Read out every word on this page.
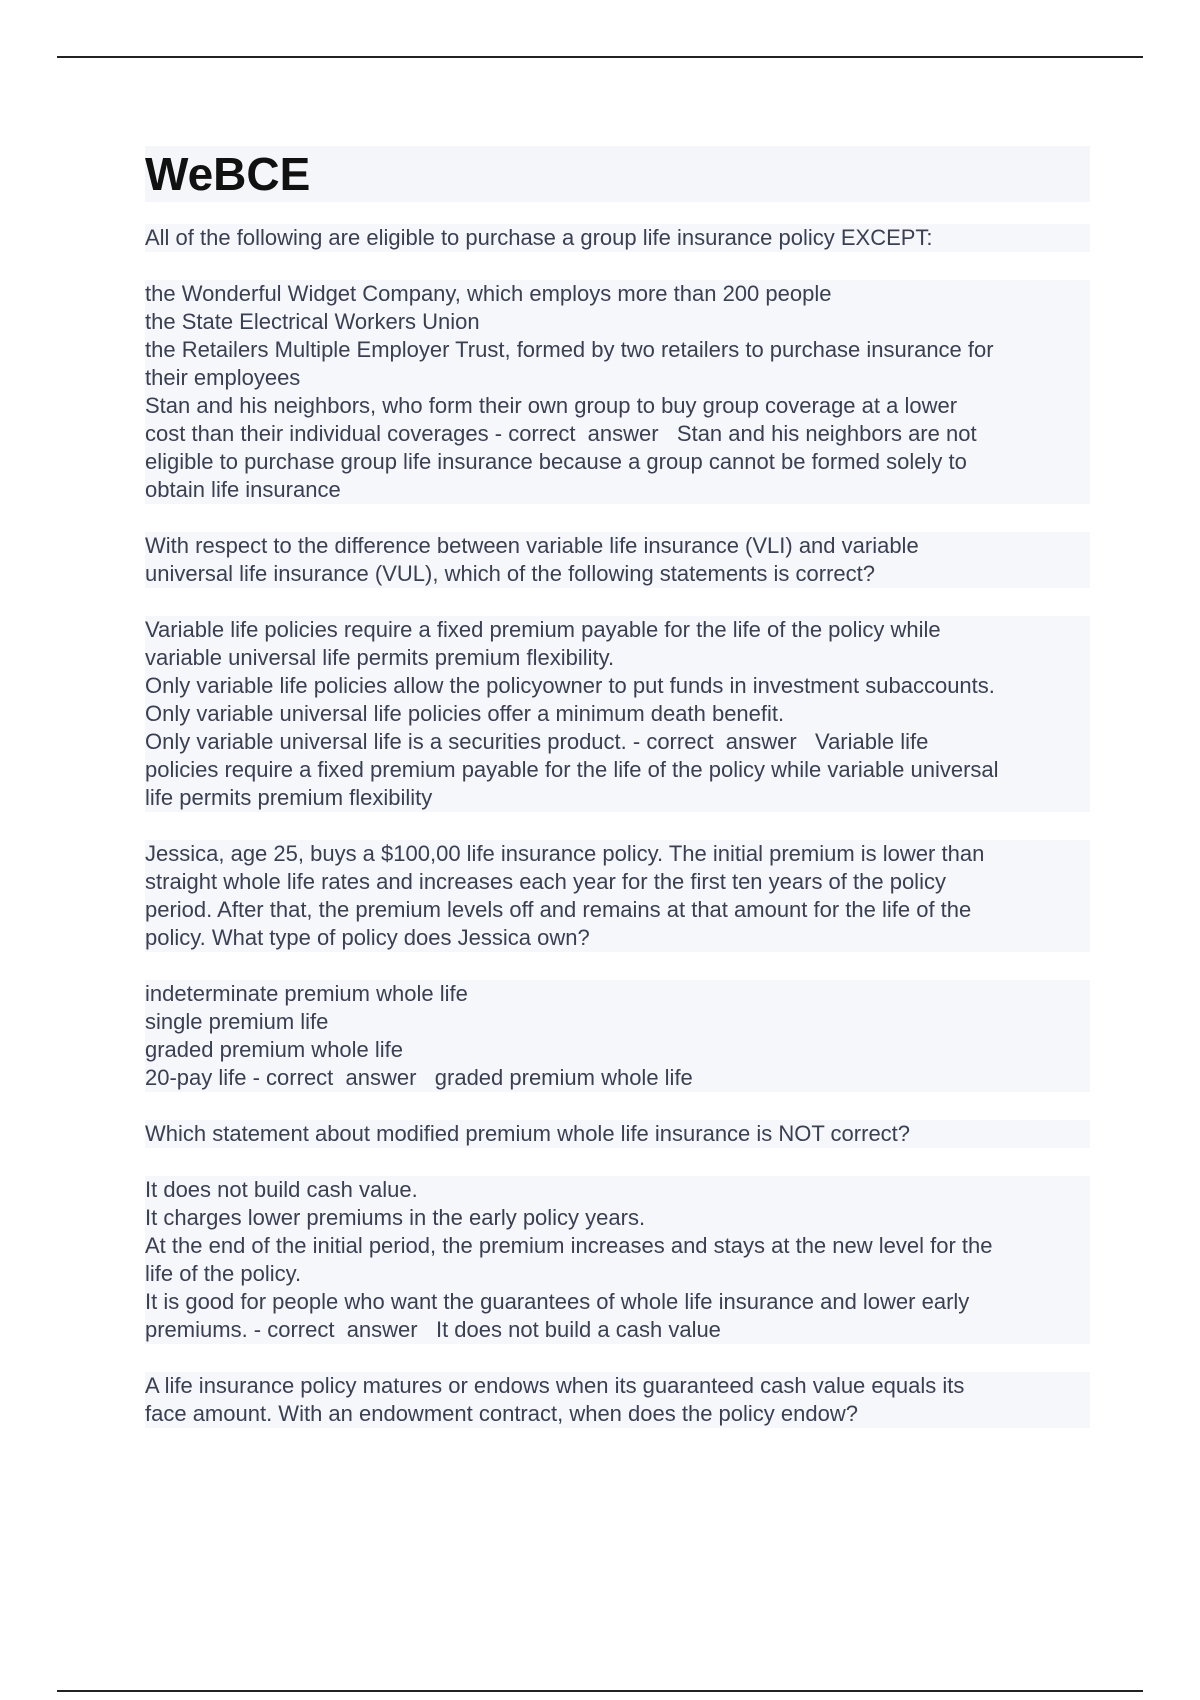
WeBCE
All of the following are eligible to purchase a group life insurance policy EXCEPT:
the Wonderful Widget Company, which employs more than 200 people
the State Electrical Workers Union
the Retailers Multiple Employer Trust, formed by two retailers to purchase insurance for
their employees
Stan and his neighbors, who form their own group to buy group coverage at a lower
cost than their individual coverages - correct  answer   Stan and his neighbors are not
eligible to purchase group life insurance because a group cannot be formed solely to
obtain life insurance
With respect to the difference between variable life insurance (VLI) and variable
universal life insurance (VUL), which of the following statements is correct?
Variable life policies require a fixed premium payable for the life of the policy while
variable universal life permits premium flexibility.
Only variable life policies allow the policyowner to put funds in investment subaccounts.
Only variable universal life policies offer a minimum death benefit.
Only variable universal life is a securities product. - correct  answer   Variable life
policies require a fixed premium payable for the life of the policy while variable universal
life permits premium flexibility
Jessica, age 25, buys a $100,00 life insurance policy. The initial premium is lower than
straight whole life rates and increases each year for the first ten years of the policy
period. After that, the premium levels off and remains at that amount for the life of the
policy. What type of policy does Jessica own?
indeterminate premium whole life
single premium life
graded premium whole life
20-pay life - correct  answer   graded premium whole life
Which statement about modified premium whole life insurance is NOT correct?
It does not build cash value.
It charges lower premiums in the early policy years.
At the end of the initial period, the premium increases and stays at the new level for the
life of the policy.
It is good for people who want the guarantees of whole life insurance and lower early
premiums. - correct  answer   It does not build a cash value
A life insurance policy matures or endows when its guaranteed cash value equals its
face amount. With an endowment contract, when does the policy endow?
